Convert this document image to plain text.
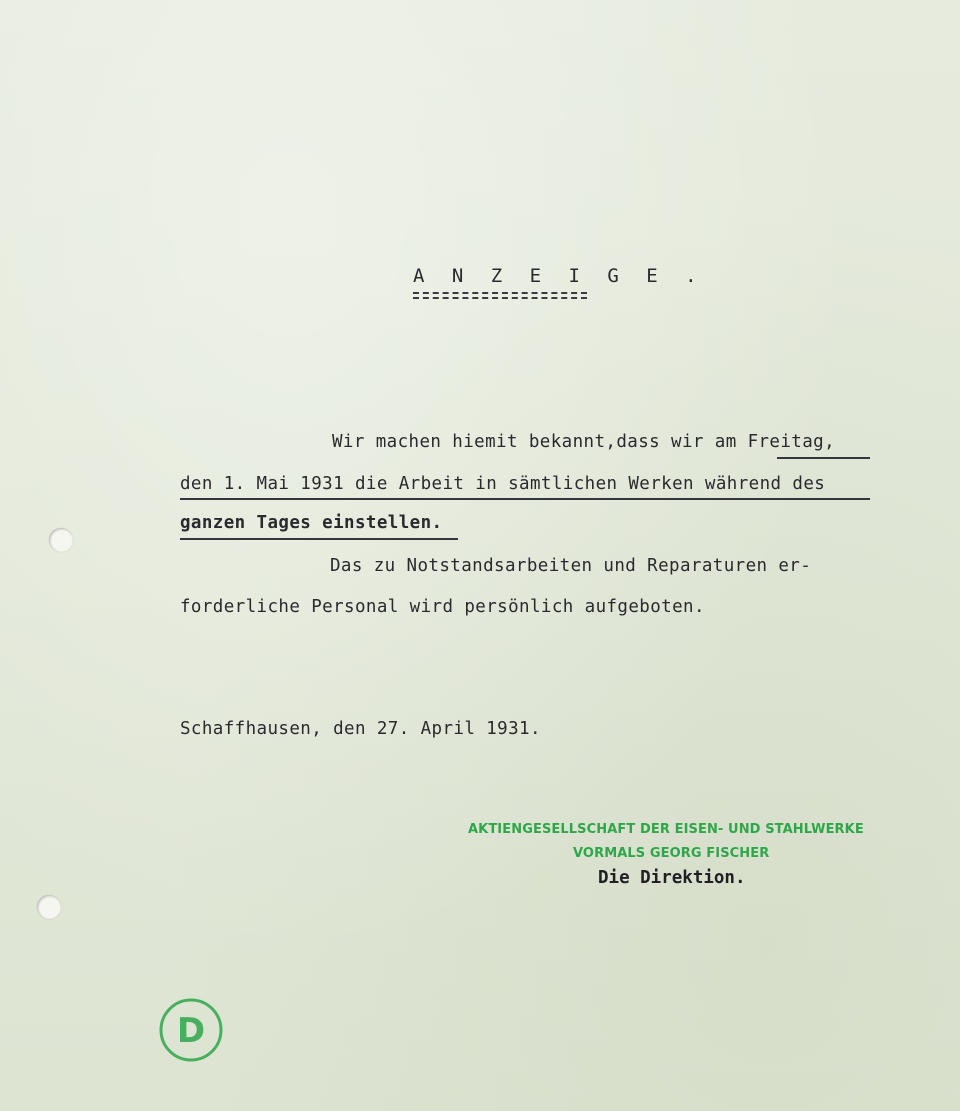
A N Z E I G E .
Wir machen hiemit bekannt,dass wir am Freitag,
den 1. Mai 1931 die Arbeit in sämtlichen Werken während des
ganzen Tages einstellen.
Das zu Notstandsarbeiten und Reparaturen er-
forderliche Personal wird persönlich aufgeboten.
Schaffhausen, den 27. April 1931.
AKTIENGESELLSCHAFT DER EISEN- UND STAHLWERKE
VORMALS GEORG FISCHER
Die Direktion.
D
